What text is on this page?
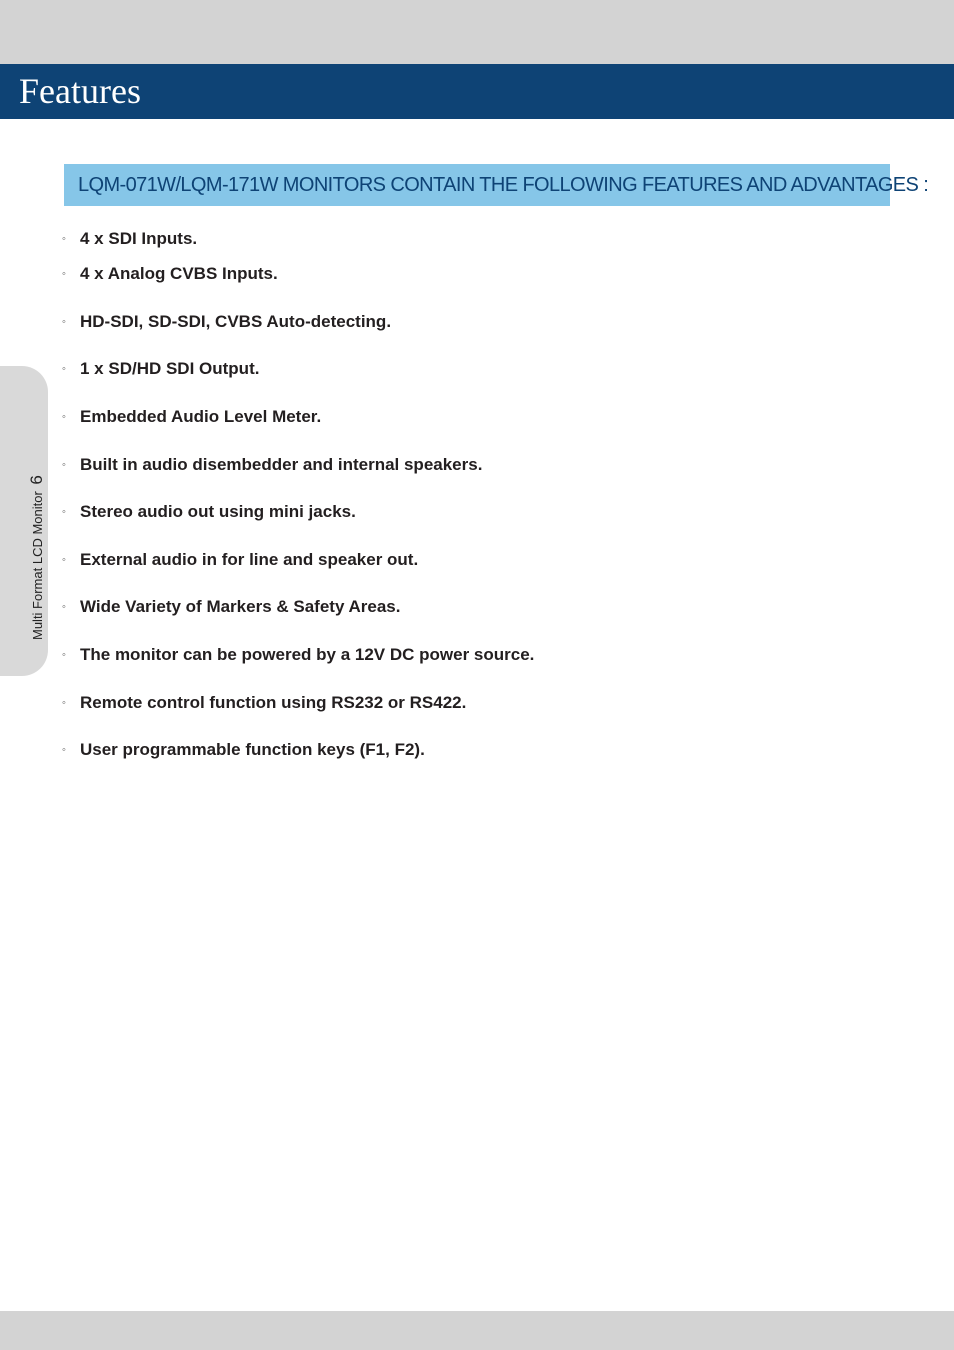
Features
LQM-071W/LQM-171W MONITORS CONTAIN THE FOLLOWING FEATURES AND ADVANTAGES :
Multi Format LCD Monitor 6
◦ 4 x SDI Inputs.
◦ 4 x Analog CVBS Inputs.
◦ HD-SDI, SD-SDI, CVBS Auto-detecting.
◦ 1 x SD/HD SDI Output.
◦ Embedded Audio Level Meter.
◦ Built in audio disembedder and internal speakers.
◦ Stereo audio out using mini jacks.
◦ External audio in for line and speaker out.
◦ Wide Variety of Markers & Safety Areas.
◦ The monitor can be powered by a 12V DC power source.
◦ Remote control function using RS232 or RS422.
◦ User programmable function keys (F1, F2).
